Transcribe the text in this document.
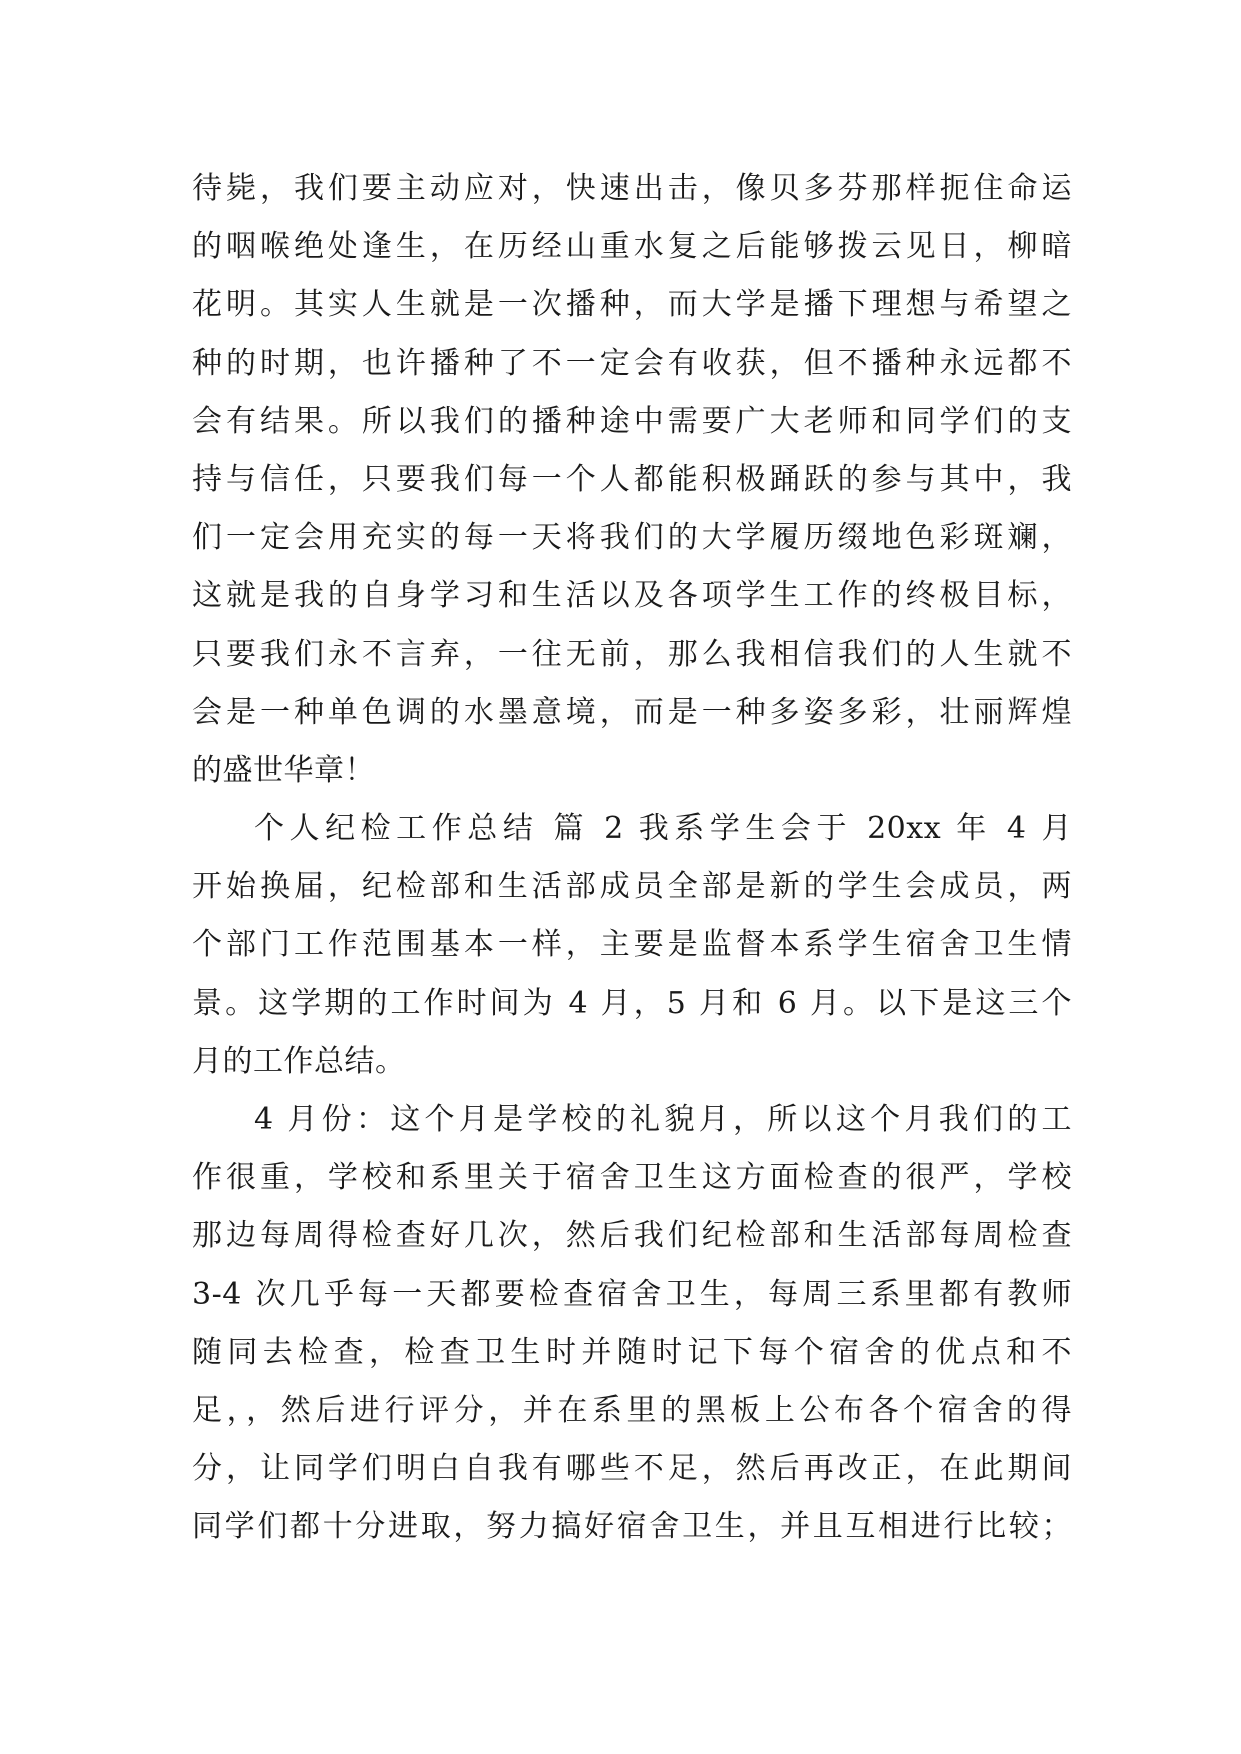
待毙，我们要主动应对，快速出击，像贝多芬那样扼住命运
的咽喉绝处逢生，在历经山重水复之后能够拨云见日，柳暗
花明。其实人生就是一次播种，而大学是播下理想与希望之
种的时期，也许播种了不一定会有收获，但不播种永远都不
会有结果。所以我们的播种途中需要广大老师和同学们的支
持与信任，只要我们每一个人都能积极踊跃的参与其中，我
们一定会用充实的每一天将我们的大学履历缀地色彩斑斓，
这就是我的自身学习和生活以及各项学生工作的终极目标，
只要我们永不言弃，一往无前，那么我相信我们的人生就不
会是一种单色调的水墨意境，而是一种多姿多彩，壮丽辉煌
的盛世华章！
个人纪检工作总结 篇 2 我系学生会于 20xx 年 4 月
开始换届，纪检部和生活部成员全部是新的学生会成员，两
个部门工作范围基本一样，主要是监督本系学生宿舍卫生情
景。这学期的工作时间为 4 月，5 月和 6 月。以下是这三个
月的工作总结。
4 月份：这个月是学校的礼貌月，所以这个月我们的工
作很重，学校和系里关于宿舍卫生这方面检查的很严，学校
那边每周得检查好几次，然后我们纪检部和生活部每周检查
3-4 次几乎每一天都要检查宿舍卫生，每周三系里都有教师
随同去检查，检查卫生时并随时记下每个宿舍的优点和不
足，，然后进行评分，并在系里的黑板上公布各个宿舍的得
分，让同学们明白自我有哪些不足，然后再改正，在此期间
同学们都十分进取，努力搞好宿舍卫生，并且互相进行比较；
